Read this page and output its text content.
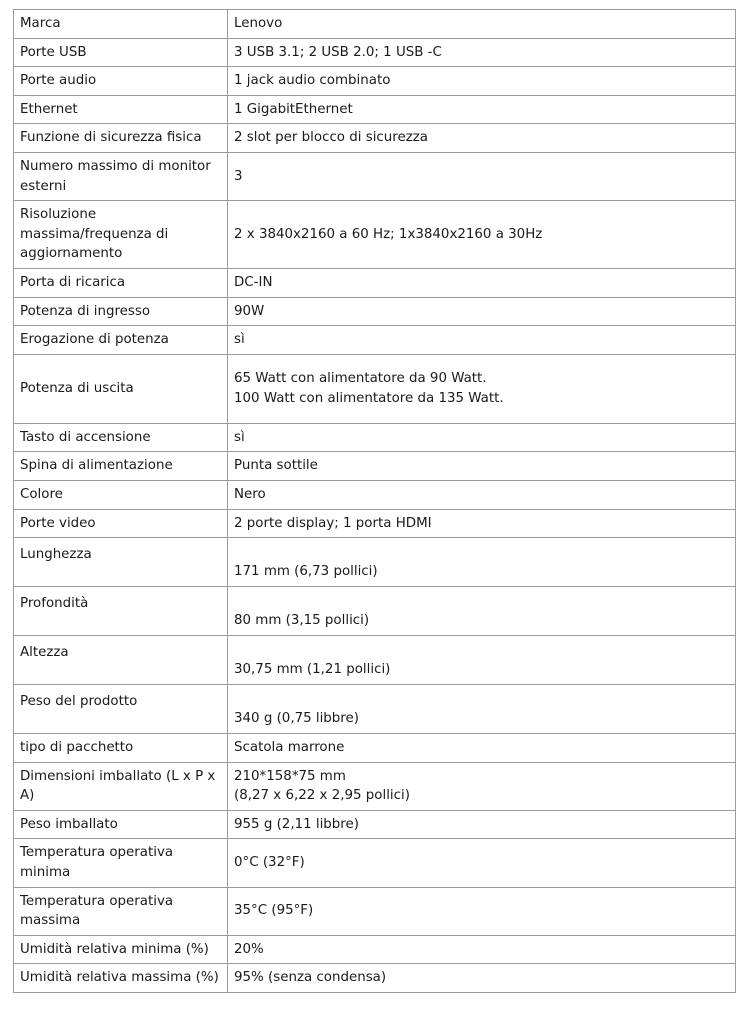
Marca	Lenovo
Porte USB	3 USB 3.1; 2 USB 2.0; 1 USB -C
Porte audio	1 jack audio combinato
Ethernet	1 GigabitEthernet
Funzione di sicurezza fisica	2 slot per blocco di sicurezza
Numero massimo di monitor esterni	3
Risoluzione massima/frequenza di aggiornamento	2 x 3840x2160 a 60 Hz; 1x3840x2160 a 30Hz
Porta di ricarica	DC-IN
Potenza di ingresso	90W
Erogazione di potenza	sì
Potenza di uscita	65 Watt con alimentatore da 90 Watt.
100 Watt con alimentatore da 135 Watt.
Tasto di accensione	sì
Spina di alimentazione	Punta sottile
Colore	Nero
Porte video	2 porte display; 1 porta HDMI
Lunghezza	171 mm (6,73 pollici)
Profondità	80 mm (3,15 pollici)
Altezza	30,75 mm (1,21 pollici)
Peso del prodotto	340 g (0,75 libbre)
tipo di pacchetto	Scatola marrone
Dimensioni imballato (L x P x A)	210*158*75 mm
(8,27 x 6,22 x 2,95 pollici)
Peso imballato	955 g (2,11 libbre)
Temperatura operativa minima	0°C (32°F)
Temperatura operativa massima	35°C (95°F)
Umidità relativa minima (%)	20%
Umidità relativa massima (%)	95% (senza condensa)
